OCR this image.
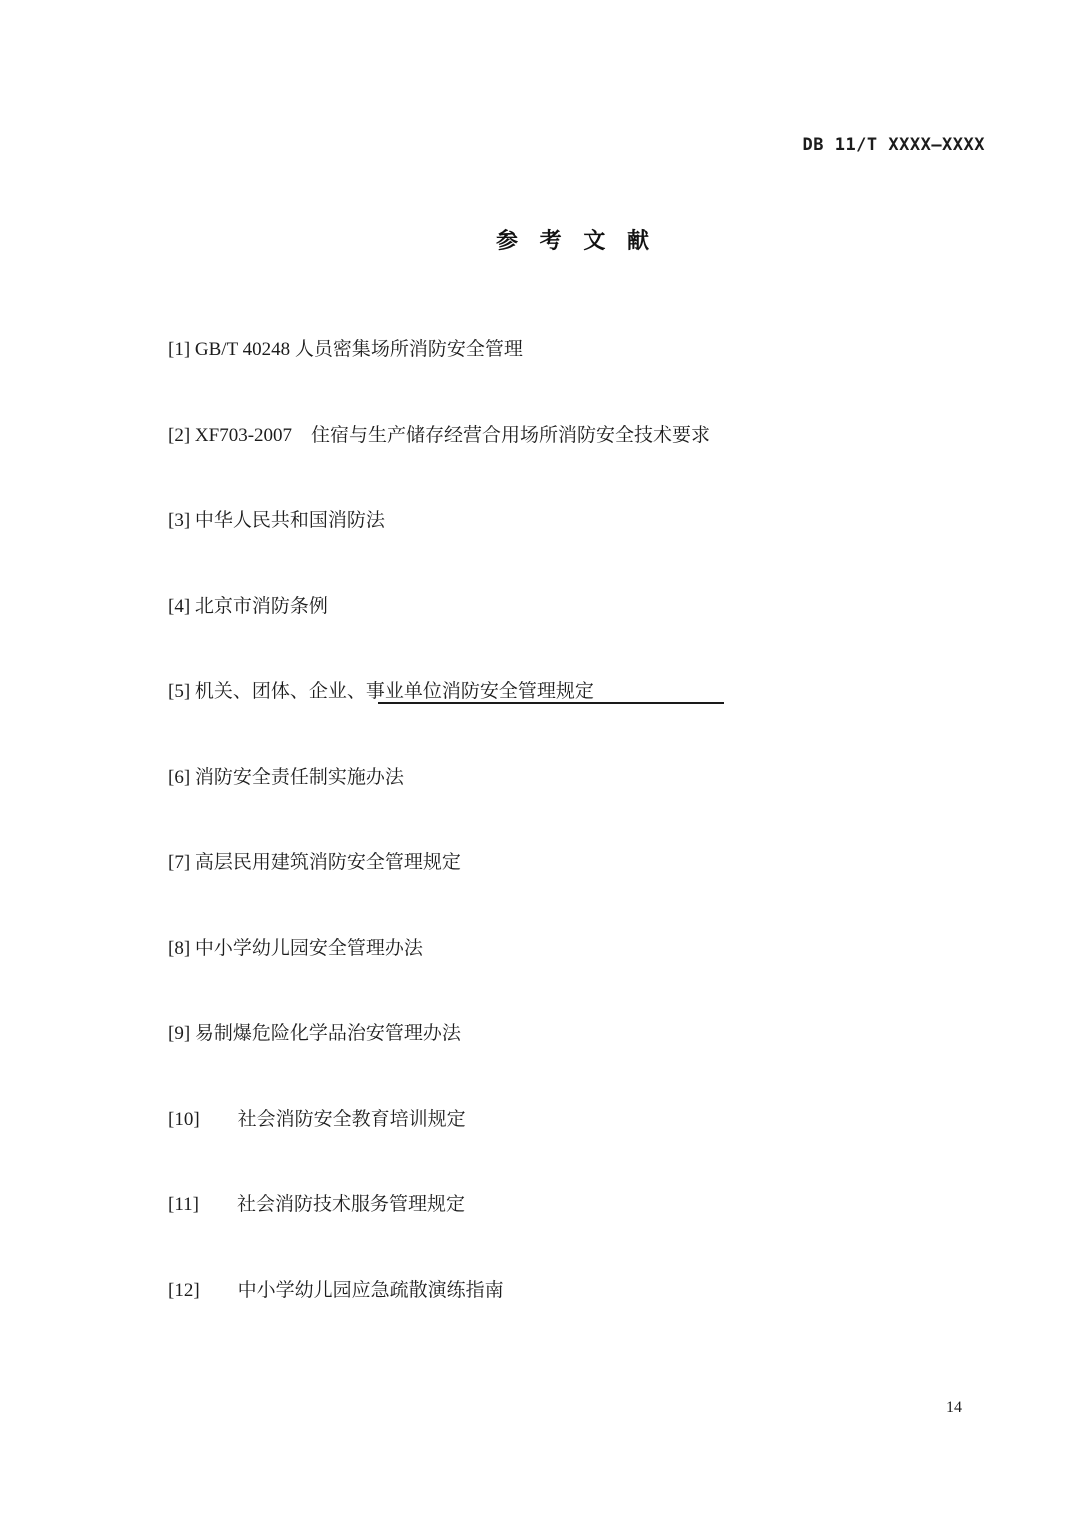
DB 11/T XXXX—XXXX
参 考 文 献

[1] GB/T 40248 人员密集场所消防安全管理

[2] XF703-2007　住宿与生产储存经营合用场所消防安全技术要求

[3] 中华人民共和国消防法

[4] 北京市消防条例

[5] 机关、团体、企业、事业单位消防安全管理规定

[6] 消防安全责任制实施办法

[7] 高层民用建筑消防安全管理规定

[8] 中小学幼儿园安全管理办法

[9] 易制爆危险化学品治安管理办法

[10]　　社会消防安全教育培训规定

[11]　　社会消防技术服务管理规定

[12]　　中小学幼儿园应急疏散演练指南

14
